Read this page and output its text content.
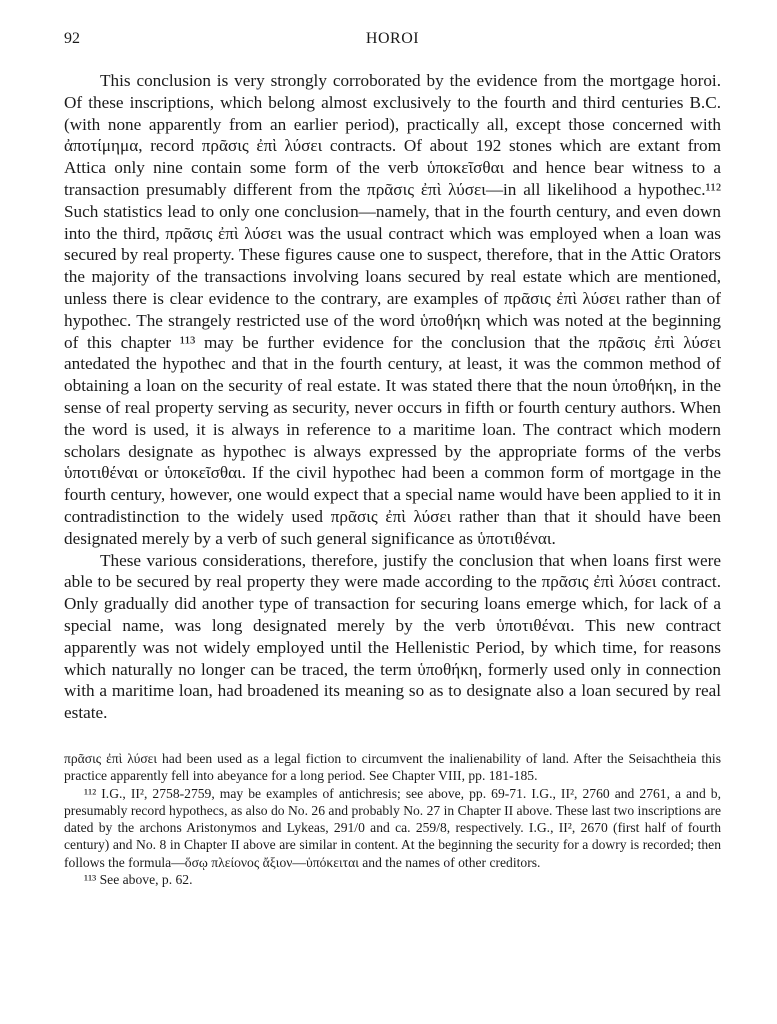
92	HOROI

This conclusion is very strongly corroborated by the evidence from the mortgage horoi. Of these inscriptions, which belong almost exclusively to the fourth and third centuries B.C. (with none apparently from an earlier period), practically all, except those concerned with ἀποτίμημα, record πρᾶσις ἐπὶ λύσει contracts. Of about 192 stones which are extant from Attica only nine contain some form of the verb ὑποκεῖσθαι and hence bear witness to a transaction presumably different from the πρᾶσις ἐπὶ λύσει—in all likelihood a hypothec.¹¹² Such statistics lead to only one conclusion—namely, that in the fourth century, and even down into the third, πρᾶσις ἐπὶ λύσει was the usual contract which was employed when a loan was secured by real property. These figures cause one to suspect, therefore, that in the Attic Orators the majority of the transactions involving loans secured by real estate which are mentioned, unless there is clear evidence to the contrary, are examples of πρᾶσις ἐπὶ λύσει rather than of hypothec. The strangely restricted use of the word ὑποθήκη which was noted at the beginning of this chapter ¹¹³ may be further evidence for the conclusion that the πρᾶσις ἐπὶ λύσει antedated the hypothec and that in the fourth century, at least, it was the common method of obtaining a loan on the security of real estate. It was stated there that the noun ὑποθήκη, in the sense of real property serving as security, never occurs in fifth or fourth century authors. When the word is used, it is always in reference to a maritime loan. The contract which modern scholars designate as hypothec is always expressed by the appropriate forms of the verbs ὑποτιθέναι or ὑποκεῖσθαι. If the civil hypothec had been a common form of mortgage in the fourth century, however, one would expect that a special name would have been applied to it in contradistinction to the widely used πρᾶσις ἐπὶ λύσει rather than that it should have been designated merely by a verb of such general significance as ὑποτιθέναι.

These various considerations, therefore, justify the conclusion that when loans first were able to be secured by real property they were made according to the πρᾶσις ἐπὶ λύσει contract. Only gradually did another type of transaction for securing loans emerge which, for lack of a special name, was long designated merely by the verb ὑποτιθέναι. This new contract apparently was not widely employed until the Hellenistic Period, by which time, for reasons which naturally no longer can be traced, the term ὑποθήκη, formerly used only in connection with a maritime loan, had broadened its meaning so as to designate also a loan secured by real estate.

πρᾶσις ἐπὶ λύσει had been used as a legal fiction to circumvent the inalienability of land. After the Seisachtheia this practice apparently fell into abeyance for a long period. See Chapter VIII, pp. 181-185.

¹¹² I.G., II², 2758-2759, may be examples of antichresis; see above, pp. 69-71. I.G., II², 2760 and 2761, a and b, presumably record hypothecs, as also do No. 26 and probably No. 27 in Chapter II above. These last two inscriptions are dated by the archons Aristonymos and Lykeas, 291/0 and ca. 259/8, respectively. I.G., II², 2670 (first half of fourth century) and No. 8 in Chapter II above are similar in content. At the beginning the security for a dowry is recorded; then follows the formula—ὅσῳ πλείονος ἄξιον—ὑπόκειται and the names of other creditors.

¹¹³ See above, p. 62.
